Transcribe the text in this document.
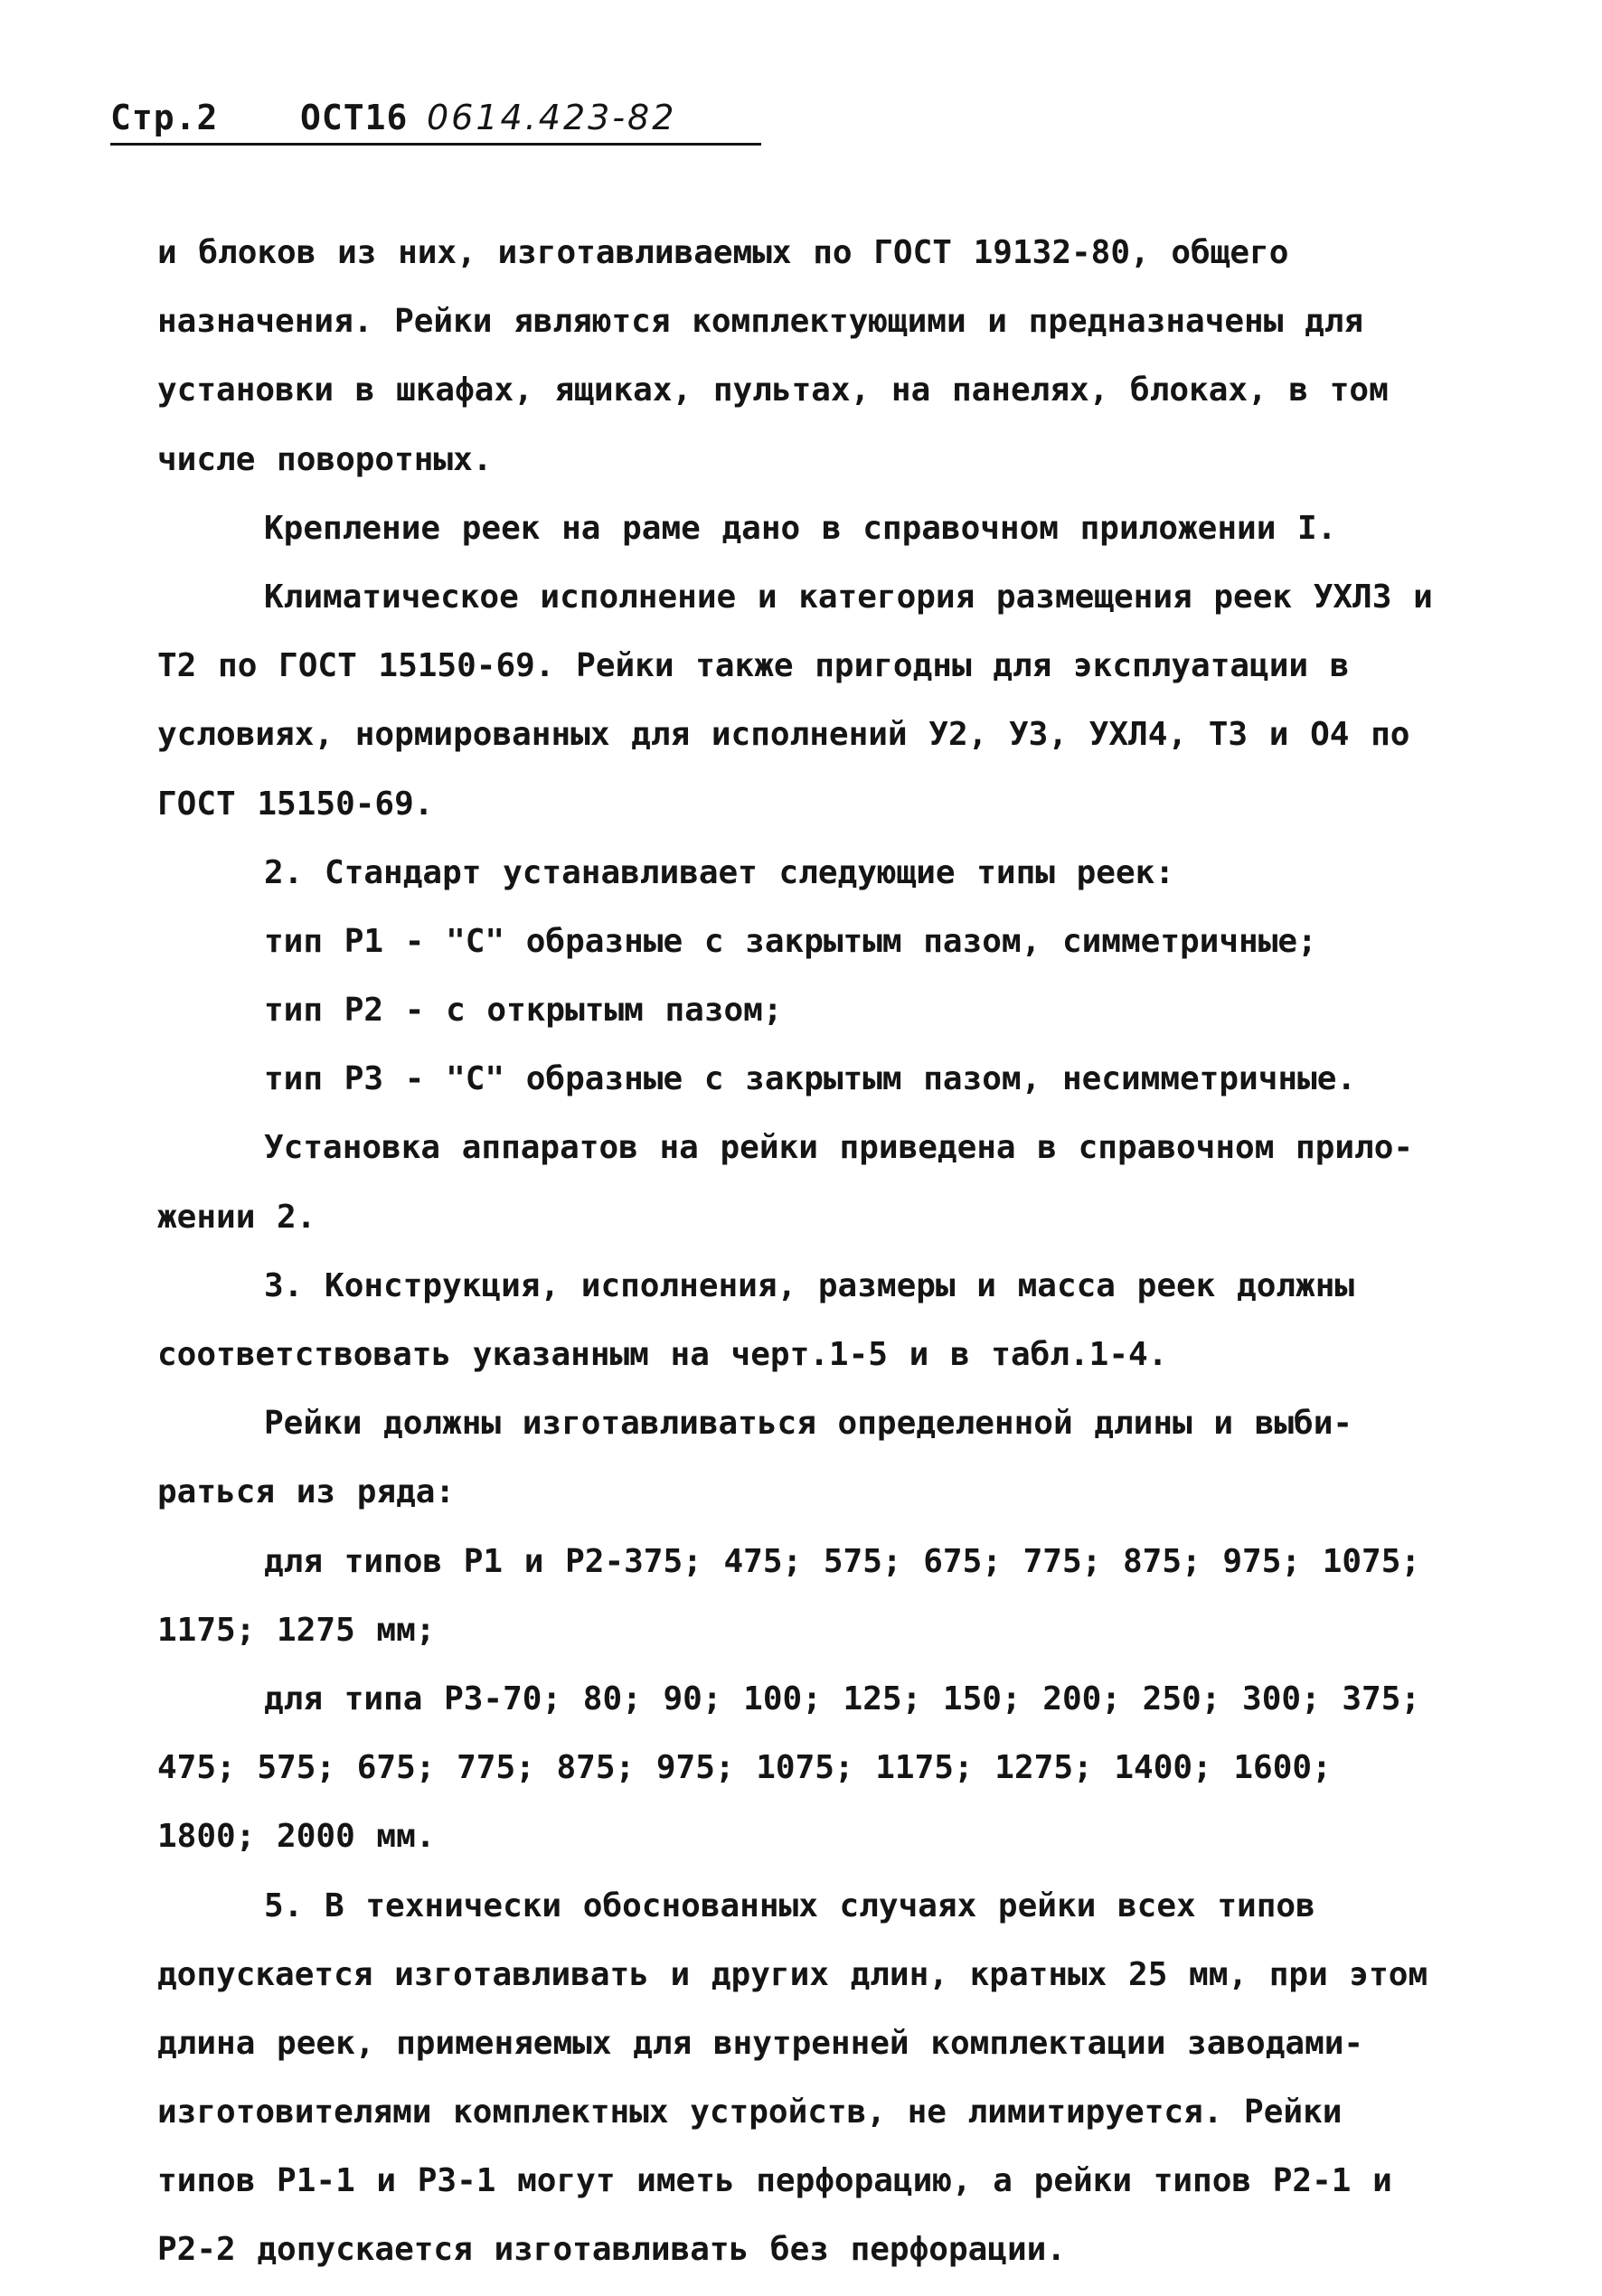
Стр.2 ОСТ16 0614.423-82
и блоков из них, изготавливаемых по ГОСТ 19132-80, общего
назначения. Рейки являются комплектующими и предназначены для
установки в шкафах, ящиках, пультах, на панелях, блоках, в том
числе поворотных.
Крепление реек на раме дано в справочном приложении I.
Климатическое исполнение и категория размещения реек УХЛ3 и
Т2 по ГОСТ 15150-69. Рейки также пригодны для эксплуатации в
условиях, нормированных для исполнений У2, У3, УХЛ4, Т3 и О4 по
ГОСТ 15150-69.
2. Стандарт устанавливает следующие типы реек:
тип Р1 - "С" образные с закрытым пазом, симметричные;
тип Р2 - с открытым пазом;
тип Р3 - "С" образные с закрытым пазом, несимметричные.
Установка аппаратов на рейки приведена в справочном прило-
жении 2.
3. Конструкция, исполнения, размеры и масса реек должны
соответствовать указанным на черт.1-5 и в табл.1-4.
Рейки должны изготавливаться определенной длины и выби-
раться из ряда:
для типов Р1 и Р2-375; 475; 575; 675; 775; 875; 975; 1075;
1175; 1275 мм;
для типа Р3-70; 80; 90; 100; 125; 150; 200; 250; 300; 375;
475; 575; 675; 775; 875; 975; 1075; 1175; 1275; 1400; 1600;
1800; 2000 мм.
5. В технически обоснованных случаях рейки всех типов
допускается изготавливать и других длин, кратных 25 мм, при этом
длина реек, применяемых для внутренней комплектации заводами-
изготовителями комплектных устройств, не лимитируется. Рейки
типов Р1-1 и Р3-1 могут иметь перфорацию, а рейки типов Р2-1 и
Р2-2 допускается изготавливать без перфорации.
